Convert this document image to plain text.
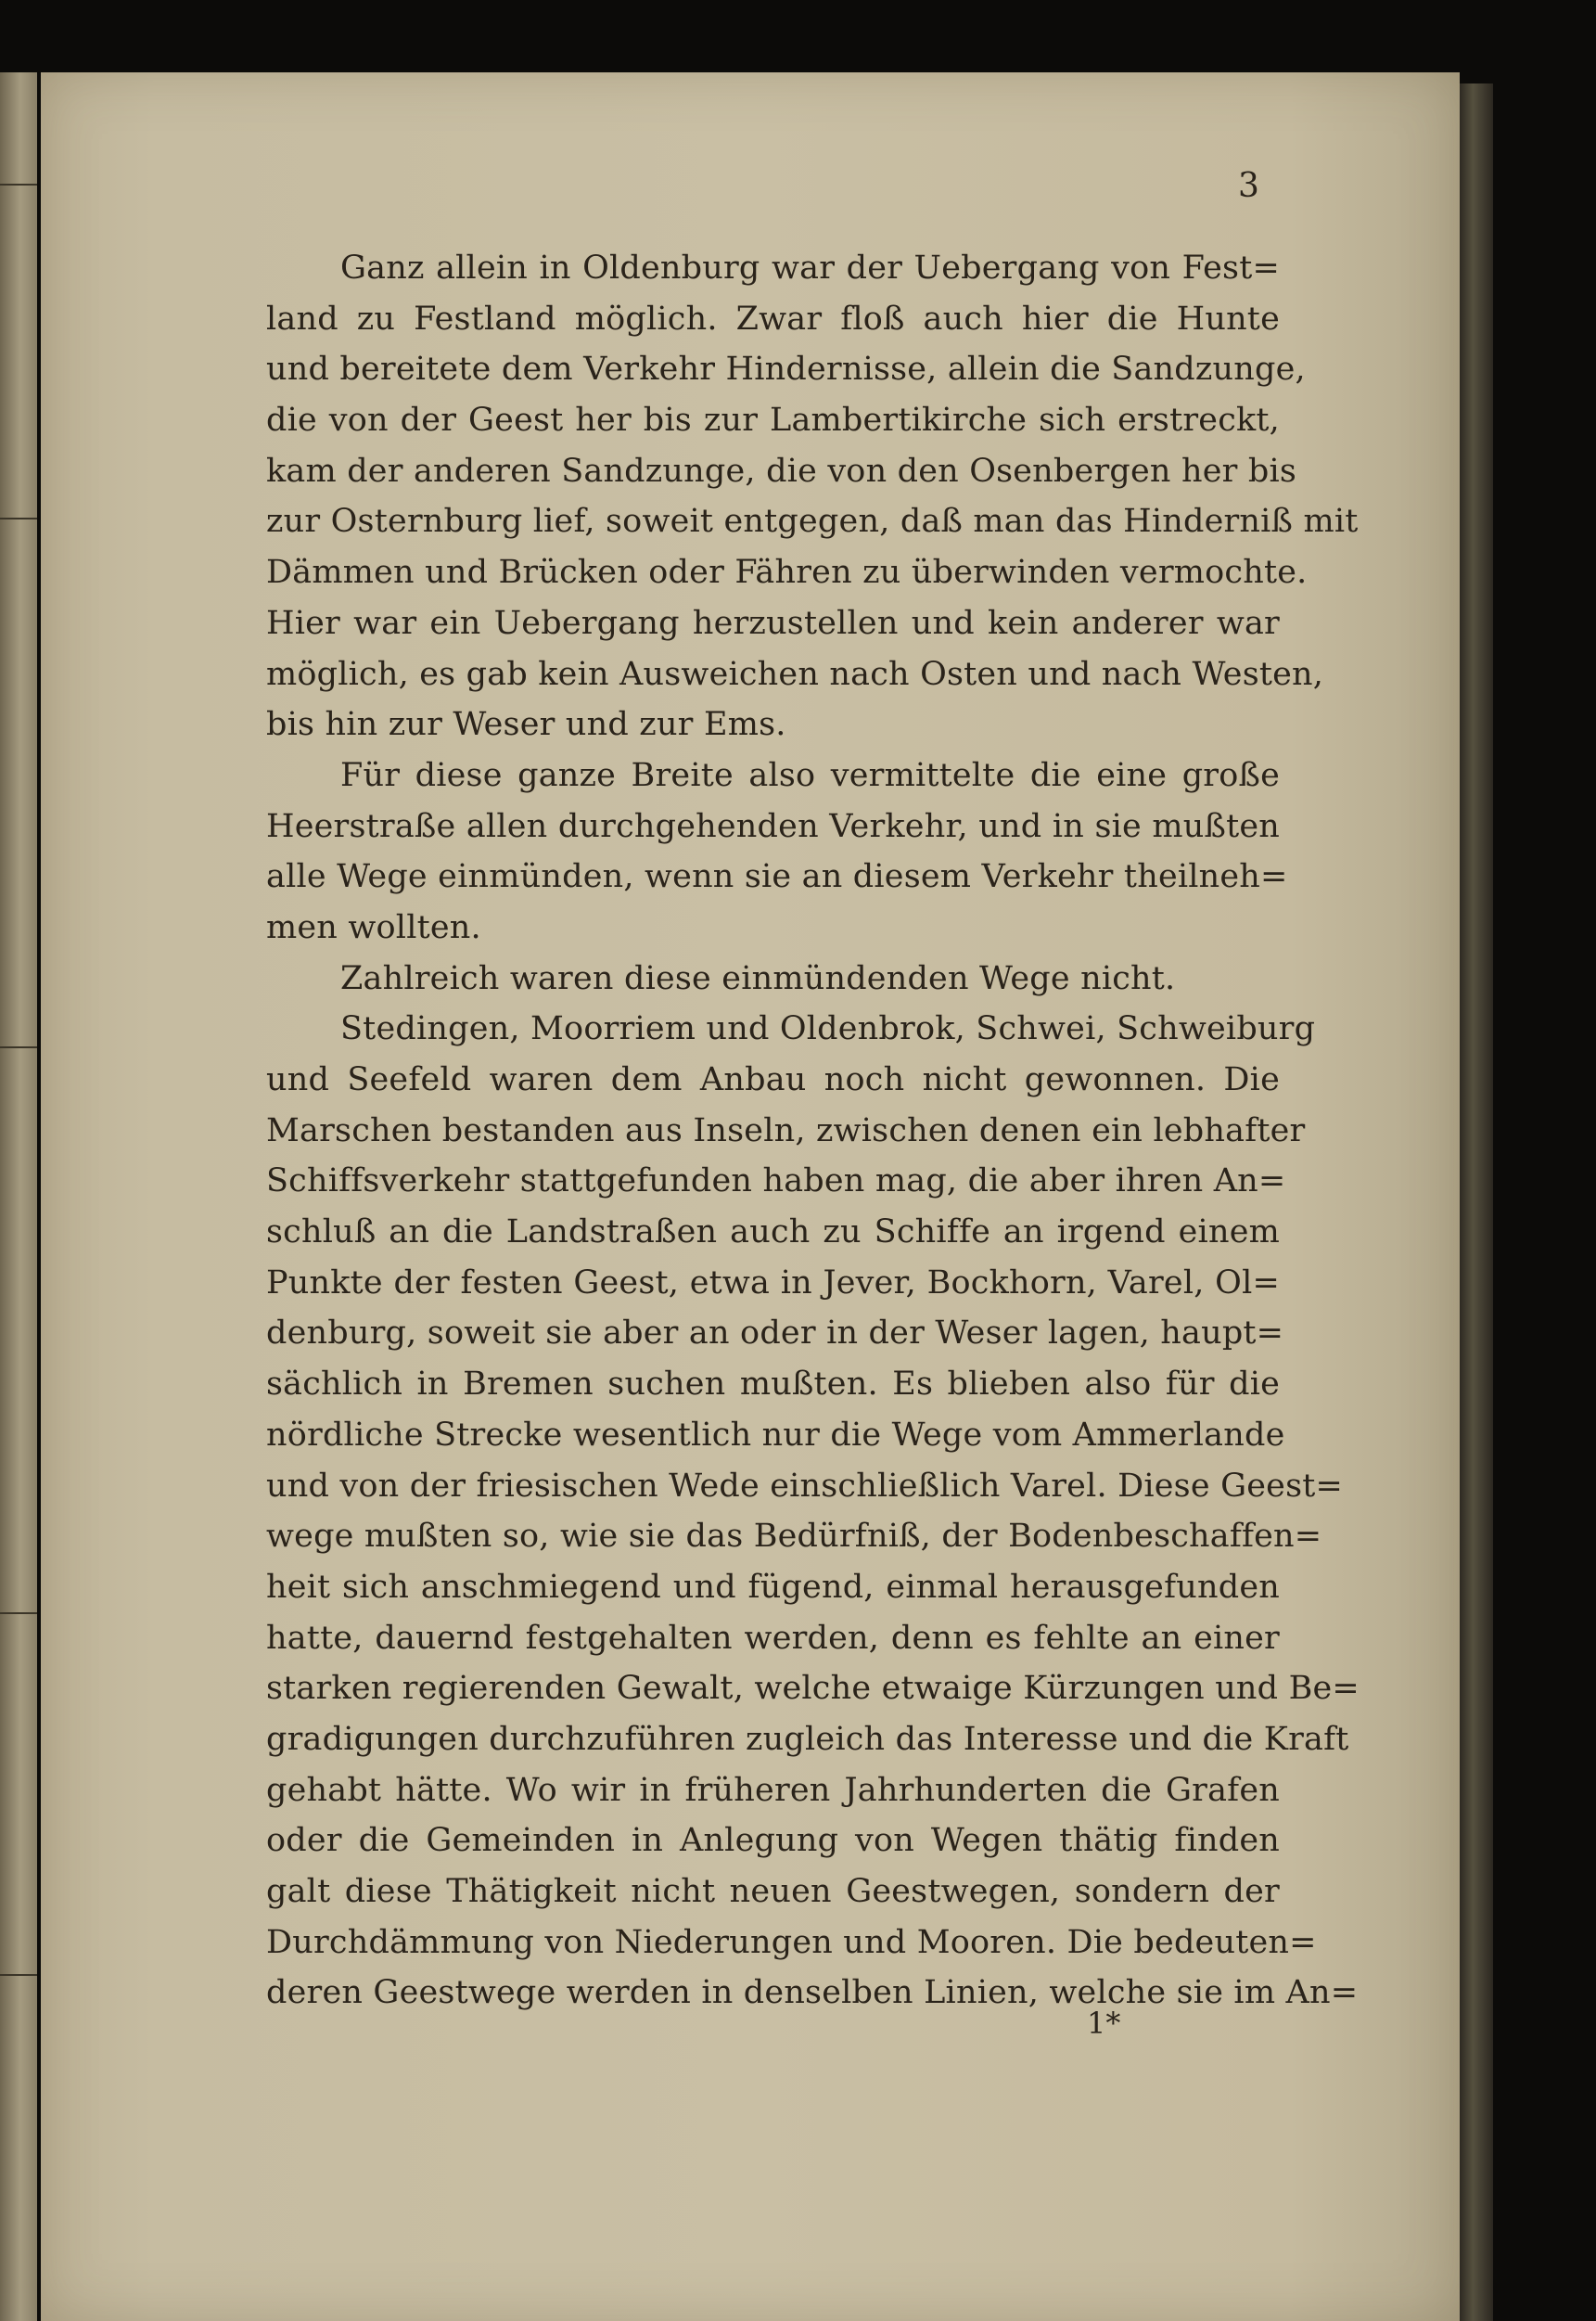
3
Ganz allein in Oldenburg war der Uebergang von Fest=
land zu Festland möglich. Zwar floß auch hier die Hunte
und bereitete dem Verkehr Hindernisse, allein die Sandzunge,
die von der Geest her bis zur Lambertikirche sich erstreckt,
kam der anderen Sandzunge, die von den Osenbergen her bis
zur Osternburg lief, soweit entgegen, daß man das Hinderniß mit
Dämmen und Brücken oder Fähren zu überwinden vermochte.
Hier war ein Uebergang herzustellen und kein anderer war
möglich, es gab kein Ausweichen nach Osten und nach Westen,
bis hin zur Weser und zur Ems.
Für diese ganze Breite also vermittelte die eine große
Heerstraße allen durchgehenden Verkehr, und in sie mußten
alle Wege einmünden, wenn sie an diesem Verkehr theilneh=
men wollten.
Zahlreich waren diese einmündenden Wege nicht.
Stedingen, Moorriem und Oldenbrok, Schwei, Schweiburg
und Seefeld waren dem Anbau noch nicht gewonnen. Die
Marschen bestanden aus Inseln, zwischen denen ein lebhafter
Schiffsverkehr stattgefunden haben mag, die aber ihren An=
schluß an die Landstraßen auch zu Schiffe an irgend einem
Punkte der festen Geest, etwa in Jever, Bockhorn, Varel, Ol=
denburg, soweit sie aber an oder in der Weser lagen, haupt=
sächlich in Bremen suchen mußten. Es blieben also für die
nördliche Strecke wesentlich nur die Wege vom Ammerlande
und von der friesischen Wede einschließlich Varel. Diese Geest=
wege mußten so, wie sie das Bedürfniß, der Bodenbeschaffen=
heit sich anschmiegend und fügend, einmal herausgefunden
hatte, dauernd festgehalten werden, denn es fehlte an einer
starken regierenden Gewalt, welche etwaige Kürzungen und Be=
gradigungen durchzuführen zugleich das Interesse und die Kraft
gehabt hätte. Wo wir in früheren Jahrhunderten die Grafen
oder die Gemeinden in Anlegung von Wegen thätig finden
galt diese Thätigkeit nicht neuen Geestwegen, sondern der
Durchdämmung von Niederungen und Mooren. Die bedeuten=
deren Geestwege werden in denselben Linien, welche sie im An=
1*
